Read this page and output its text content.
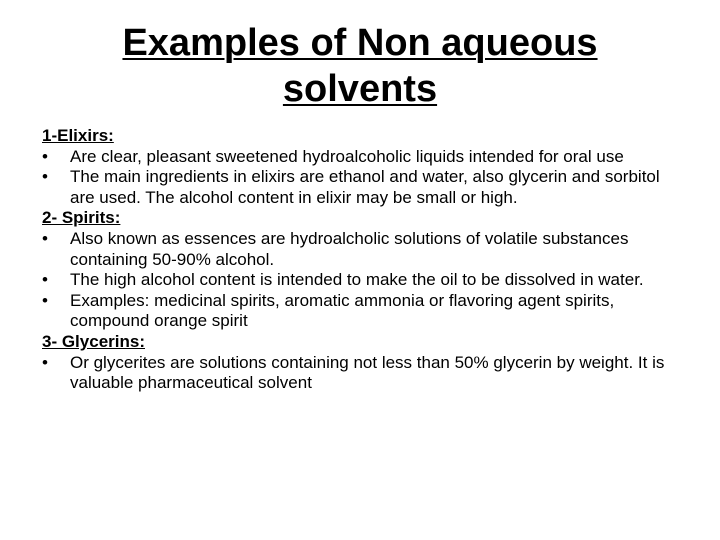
Examples of Non aqueous
solvents
1-Elixirs:
•	Are clear, pleasant sweetened hydroalcoholic liquids intended for oral use
•	The main ingredients in elixirs are ethanol and water, also glycerin and sorbitol are used. The alcohol content in elixir may be small or high.
2- Spirits:
•	Also known as essences are hydroalcholic solutions of volatile substances containing 50-90% alcohol.
•	The high alcohol content is intended to make the oil to be dissolved in water.
•	Examples: medicinal spirits, aromatic ammonia or flavoring agent spirits, compound orange spirit
3- Glycerins:
•	Or glycerites are solutions containing not less than 50% glycerin by weight. It is valuable pharmaceutical solvent
